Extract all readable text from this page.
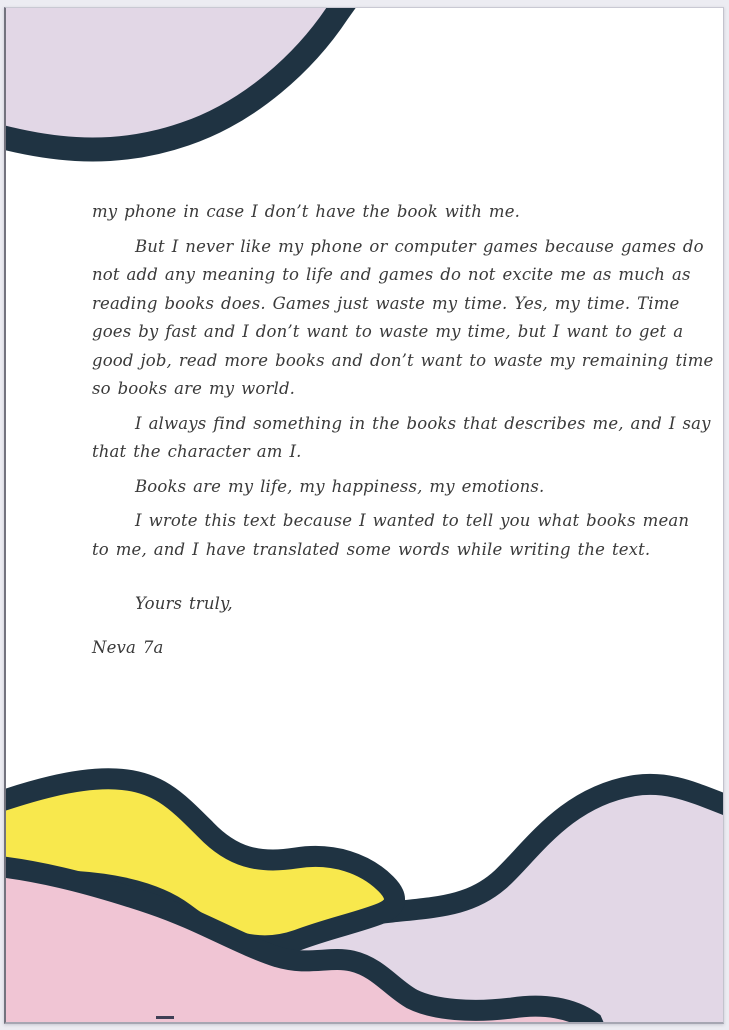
my phone in case I don’t have the book with me.
But I never like my phone or computer games because games do
not add any meaning to life and games do not excite me as much as
reading books does. Games just waste my time. Yes, my time. Time
goes by fast and I don’t want to waste my time, but I want to get a
good job, read more books and don’t want to waste my remaining time
so books are my world.
I always find something in the books that describes me, and I say
that the character am I.
Books are my life, my happiness, my emotions.
I wrote this text because I wanted to tell you what books mean
to me, and I have translated some words while writing the text.
Yours truly,
Neva 7a
